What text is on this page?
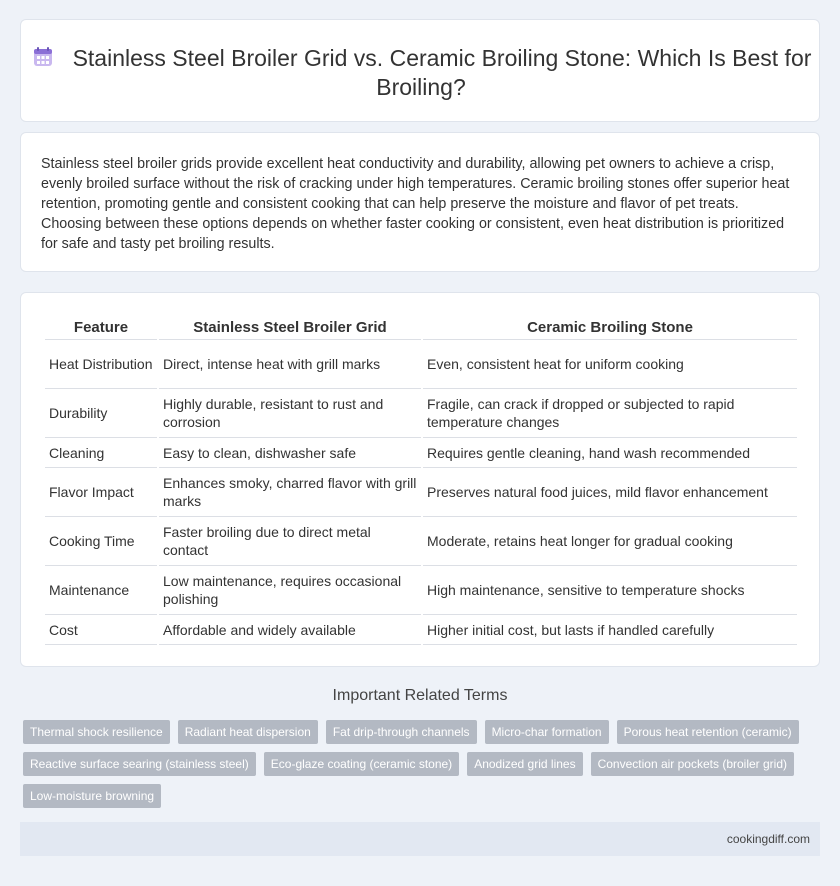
Stainless Steel Broiler Grid vs. Ceramic Broiling Stone: Which Is Best for Broiling?

Stainless steel broiler grids provide excellent heat conductivity and durability, allowing pet owners to achieve a crisp, evenly broiled surface without the risk of cracking under high temperatures. Ceramic broiling stones offer superior heat retention, promoting gentle and consistent cooking that can help preserve the moisture and flavor of pet treats. Choosing between these options depends on whether faster cooking or consistent, even heat distribution is prioritized for safe and tasty pet broiling results.

Feature	Stainless Steel Broiler Grid	Ceramic Broiling Stone
Heat Distribution	Direct, intense heat with grill marks	Even, consistent heat for uniform cooking
Durability	Highly durable, resistant to rust and corrosion	Fragile, can crack if dropped or subjected to rapid temperature changes
Cleaning	Easy to clean, dishwasher safe	Requires gentle cleaning, hand wash recommended
Flavor Impact	Enhances smoky, charred flavor with grill marks	Preserves natural food juices, mild flavor enhancement
Cooking Time	Faster broiling due to direct metal contact	Moderate, retains heat longer for gradual cooking
Maintenance	Low maintenance, requires occasional polishing	High maintenance, sensitive to temperature shocks
Cost	Affordable and widely available	Higher initial cost, but lasts if handled carefully
Important Related Terms
Thermal shock resilience	Radiant heat dispersion	Fat drip-through channels	Micro-char formation	Porous heat retention (ceramic)
Reactive surface searing (stainless steel)	Eco-glaze coating (ceramic stone)	Anodized grid lines	Convection air pockets (broiler grid)
Low-moisture browning
cookingdiff.com
